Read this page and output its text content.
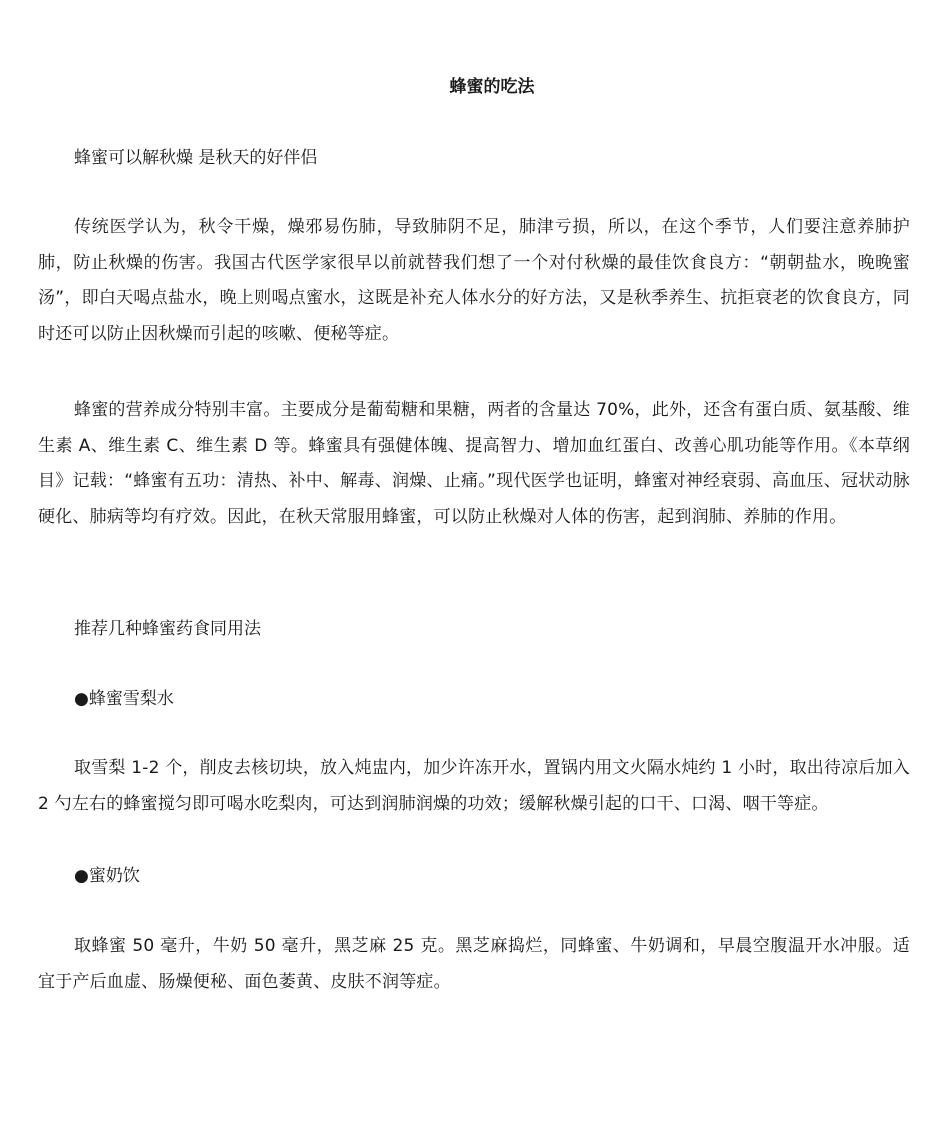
蜂蜜的吃法

蜂蜜可以解秋燥 是秋天的好伴侣

传统医学认为，秋令干燥，燥邪易伤肺，导致肺阴不足，肺津亏损，所以，在这个季节，人们要注意养肺护肺，防止秋燥的伤害。我国古代医学家很早以前就替我们想了一个对付秋燥的最佳饮食良方：“朝朝盐水，晚晚蜜汤”，即白天喝点盐水，晚上则喝点蜜水，这既是补充人体水分的好方法，又是秋季养生、抗拒衰老的饮食良方，同时还可以防止因秋燥而引起的咳嗽、便秘等症。

蜂蜜的营养成分特别丰富。主要成分是葡萄糖和果糖，两者的含量达 70%，此外，还含有蛋白质、氨基酸、维生素 A、维生素 C、维生素 D 等。蜂蜜具有强健体魄、提高智力、增加血红蛋白、改善心肌功能等作用。《本草纲目》记载：“蜂蜜有五功：清热、补中、解毒、润燥、止痛。”现代医学也证明，蜂蜜对神经衰弱、高血压、冠状动脉硬化、肺病等均有疗效。因此，在秋天常服用蜂蜜，可以防止秋燥对人体的伤害，起到润肺、养肺的作用。

推荐几种蜂蜜药食同用法

●蜂蜜雪梨水

取雪梨 1-2 个，削皮去核切块，放入炖盅内，加少许冻开水，置锅内用文火隔水炖约 1 小时，取出待凉后加入 2 勺左右的蜂蜜搅匀即可喝水吃梨肉，可达到润肺润燥的功效；缓解秋燥引起的口干、口渴、咽干等症。

●蜜奶饮

取蜂蜜 50 毫升，牛奶 50 毫升，黑芝麻 25 克。黑芝麻捣烂，同蜂蜜、牛奶调和，早晨空腹温开水冲服。适宜于产后血虚、肠燥便秘、面色萎黄、皮肤不润等症。
